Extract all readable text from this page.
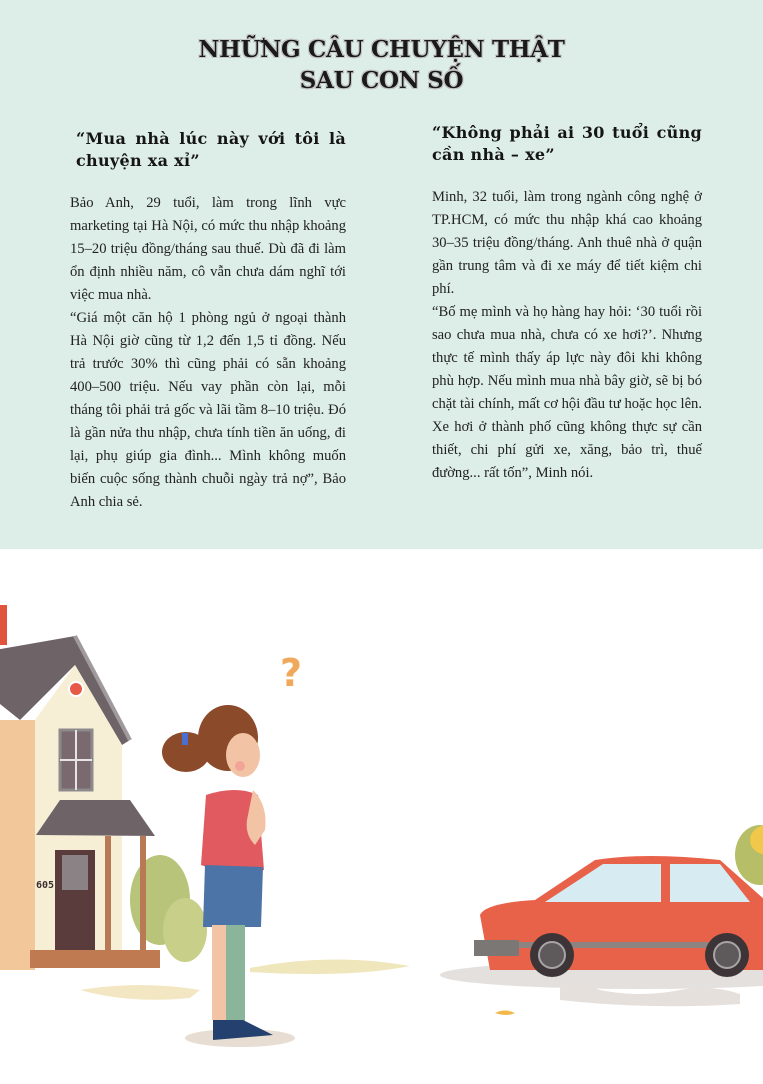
NHỮNG CÂU CHUYỆN THẬT
SAU CON SỐ
“Mua nhà lúc này với tôi là chuyện xa xỉ”

Bảo Anh, 29 tuổi, làm trong lĩnh vực marketing tại Hà Nội, có mức thu nhập khoảng 15–20 triệu đồng/tháng sau thuế. Dù đã đi làm ổn định nhiều năm, cô vẫn chưa dám nghĩ tới việc mua nhà.

“Giá một căn hộ 1 phòng ngủ ở ngoại thành Hà Nội giờ cũng từ 1,2 đến 1,5 tỉ đồng. Nếu trả trước 30% thì cũng phải có sẵn khoảng 400–500 triệu. Nếu vay phần còn lại, mỗi tháng tôi phải trả gốc và lãi tầm 8–10 triệu. Đó là gần nửa thu nhập, chưa tính tiền ăn uống, đi lại, phụ giúp gia đình... Mình không muốn biến cuộc sống thành chuỗi ngày trả nợ”, Bảo Anh chia sẻ.

“Không phải ai 30 tuổi cũng cần nhà – xe”

Minh, 32 tuổi, làm trong ngành công nghệ ở TP.HCM, có mức thu nhập khá cao khoảng 30–35 triệu đồng/tháng. Anh thuê nhà ở quận gần trung tâm và đi xe máy để tiết kiệm chi phí.

“Bố mẹ mình và họ hàng hay hỏi: ‘30 tuổi rồi sao chưa mua nhà, chưa có xe hơi?’. Nhưng thực tế mình thấy áp lực này đôi khi không phù hợp. Nếu mình mua nhà bây giờ, sẽ bị bó chặt tài chính, mất cơ hội đầu tư hoặc học lên. Xe hơi ở thành phố cũng không thực sự cần thiết, chi phí gửi xe, xăng, bảo trì, thuế đường... rất tốn”, Minh nói.

605
?
